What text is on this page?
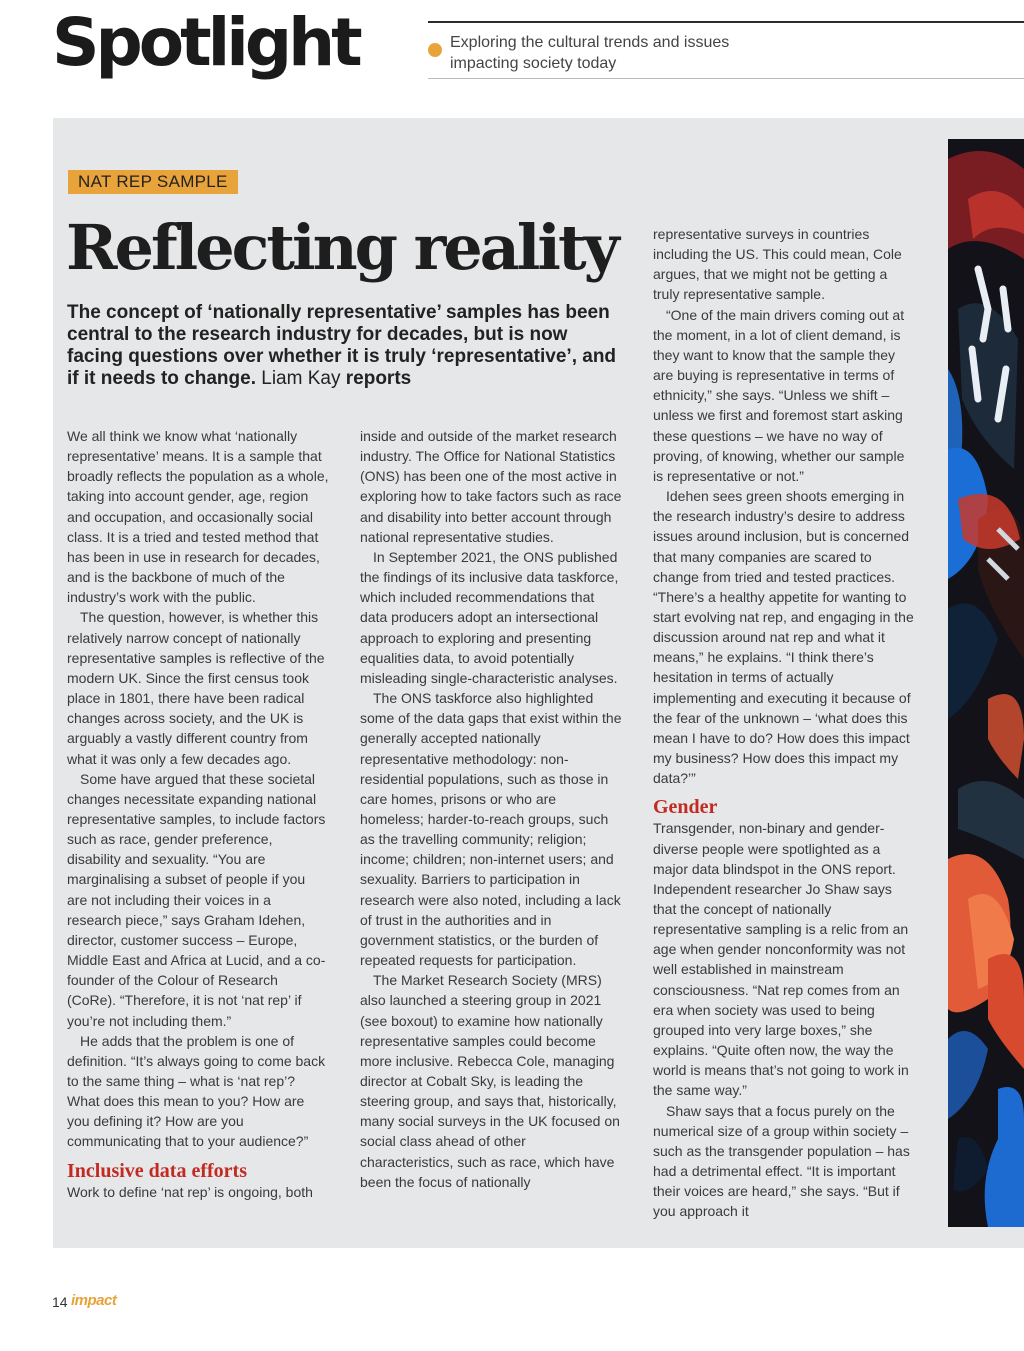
Spotlight	Exploring the cultural trends and issues impacting society today
NAT REP SAMPLE
Reflecting reality
The concept of ‘nationally representative’ samples has been central to the research industry for decades, but is now facing questions over whether it is truly ‘representative’, and if it needs to change. Liam Kay reports

We all think we know what ‘nationally representative’ means. It is a sample that broadly reflects the population as a whole, taking into account gender, age, region and occupation, and occasionally social class. It is a tried and tested method that has been in use in research for decades, and is the backbone of much of the industry’s work with the public.

The question, however, is whether this relatively narrow concept of nationally representative samples is reflective of the modern UK. Since the first census took place in 1801, there have been radical changes across society, and the UK is arguably a vastly different country from what it was only a few decades ago.

Some have argued that these societal changes necessitate expanding national representative samples, to include factors such as race, gender preference, disability and sexuality. “You are marginalising a subset of people if you are not including their voices in a research piece,” says Graham Idehen, director, customer success – Europe, Middle East and Africa at Lucid, and a co-founder of the Colour of Research (CoRe). “Therefore, it is not ‘nat rep’ if you’re not including them.”

He adds that the problem is one of definition. “It’s always going to come back to the same thing – what is ‘nat rep’? What does this mean to you? How are you defining it? How are you communicating that to your audience?”

Inclusive data efforts

Work to define ‘nat rep’ is ongoing, both

inside and outside of the market research industry. The Office for National Statistics (ONS) has been one of the most active in exploring how to take factors such as race and disability into better account through national representative studies.

In September 2021, the ONS published the findings of its inclusive data taskforce, which included recommendations that data producers adopt an intersectional approach to exploring and presenting equalities data, to avoid potentially misleading single-characteristic analyses.

The ONS taskforce also highlighted some of the data gaps that exist within the generally accepted nationally representative methodology: non-residential populations, such as those in care homes, prisons or who are homeless; harder-to-reach groups, such as the travelling community; religion; income; children; non-internet users; and sexuality. Barriers to participation in research were also noted, including a lack of trust in the authorities and in government statistics, or the burden of repeated requests for participation.

The Market Research Society (MRS) also launched a steering group in 2021 (see boxout) to examine how nationally representative samples could become more inclusive. Rebecca Cole, managing director at Cobalt Sky, is leading the steering group, and says that, historically, many social surveys in the UK focused on social class ahead of other characteristics, such as race, which have been the focus of nationally

representative surveys in countries including the US. This could mean, Cole argues, that we might not be getting a truly representative sample.

“One of the main drivers coming out at the moment, in a lot of client demand, is they want to know that the sample they are buying is representative in terms of ethnicity,” she says. “Unless we shift – unless we first and foremost start asking these questions – we have no way of proving, of knowing, whether our sample is representative or not.”

Idehen sees green shoots emerging in the research industry’s desire to address issues around inclusion, but is concerned that many companies are scared to change from tried and tested practices. “There’s a healthy appetite for wanting to start evolving nat rep, and engaging in the discussion around nat rep and what it means,” he explains. “I think there’s hesitation in terms of actually implementing and executing it because of the fear of the unknown – ‘what does this mean I have to do? How does this impact my business? How does this impact my data?’”

Gender

Transgender, non-binary and gender-diverse people were spotlighted as a major data blindspot in the ONS report. Independent researcher Jo Shaw says that the concept of nationally representative sampling is a relic from an age when gender nonconformity was not well established in mainstream consciousness. “Nat rep comes from an era when society was used to being grouped into very large boxes,” she explains. “Quite often now, the way the world is means that’s not going to work in the same way.”

Shaw says that a focus purely on the numerical size of a group within society – such as the transgender population – has had a detrimental effect. “It is important their voices are heard,” she says. “But if you approach it

14 impact
